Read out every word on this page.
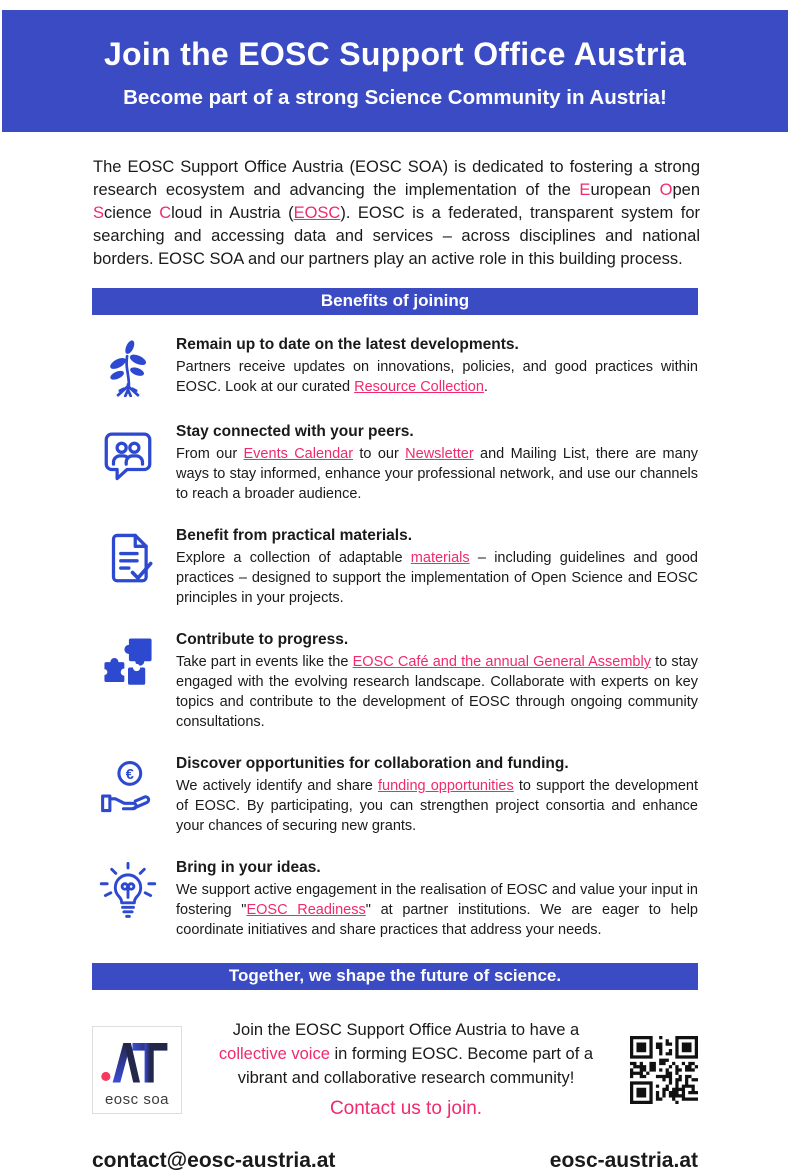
Join the EOSC Support Office Austria
Become part of a strong Science Community in Austria!

The EOSC Support Office Austria (EOSC SOA) is dedicated to fostering a strong research ecosystem and advancing the implementation of the European Open Science Cloud in Austria (EOSC). EOSC is a federated, transparent system for searching and accessing data and services – across disciplines and national borders. EOSC SOA and our partners play an active role in this building process.

Benefits of joining
Remain up to date on the latest developments.

Partners receive updates on innovations, policies, and good practices within EOSC. Look at our curated Resource Collection.

Stay connected with your peers.

From our Events Calendar to our Newsletter and Mailing List, there are many ways to stay informed, enhance your professional network, and use our channels to reach a broader audience.

Benefit from practical materials.

Explore a collection of adaptable materials – including guidelines and good practices – designed to support the implementation of Open Science and EOSC principles in your projects.

Contribute to progress.

Take part in events like the EOSC Café and the annual General Assembly to stay engaged with the evolving research landscape. Collaborate with experts on key topics and contribute to the development of EOSC through ongoing community consultations.

€
Discover opportunities for collaboration and funding.

We actively identify and share funding opportunities to support the development of EOSC. By participating, you can strengthen project consortia and enhance your chances of securing new grants.

Bring in your ideas.

We support active engagement in the realisation of EOSC and value your input in fostering "EOSC Readiness" at partner institutions. We are eager to help coordinate initiatives and share practices that address your needs.

Together, we shape the future of science.
eosc soa

Join the EOSC Support Office Austria to have a collective voice in forming EOSC. Become part of a vibrant and collaborative research community!

Contact us to join.

contact@eosc-austria.at	eosc-austria.at
